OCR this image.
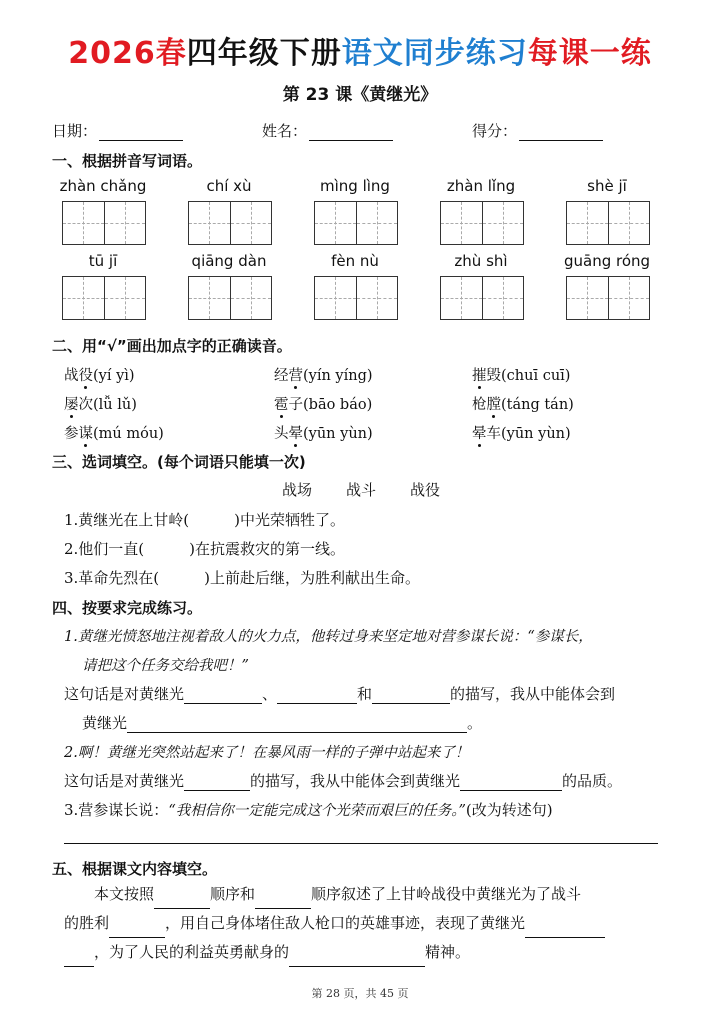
2026春四年级下册语文同步练习每课一练
第 23 课《黄继光》
日期：	姓名：	得分：
一、根据拼音写词语。
zhàn chǎng	chí xù	mìng lìng	zhàn lǐng	shè jī
tū jī	qiāng dàn	fèn nù	zhù shì	guāng róng
二、用“√”画出加点字的正确读音。
战役(yí yì)	经营(yín yíng)	摧毁(chuī cuī)
屡次(lǚ lǔ)	雹子(bāo báo)	枪膛(táng tán)
参谋(mú móu)	头晕(yūn yùn)	晕车(yūn yùn)
三、选词填空。(每个词语只能填一次)
战场 战斗 战役
1.黄继光在上甘岭(　　　)中光荣牺牲了。
2.他们一直(　　　)在抗震救灾的第一线。
3.革命先烈在(　　　)上前赴后继，为胜利献出生命。
四、按要求完成练习。
1.黄继光愤怒地注视着敌人的火力点，他转过身来坚定地对营参谋长说：“参谋长，
请把这个任务交给我吧！”
这句话是对黄继光	、	和	的描写，我从中能体会到
黄继光	。
2.啊！黄继光突然站起来了！在暴风雨一样的子弹中站起来了！
这句话是对黄继光	的描写，我从中能体会到黄继光	的品质。
3.营参谋长说：“我相信你一定能完成这个光荣而艰巨的任务。”(改为转述句)
五、根据课文内容填空。
本文按照	顺序和	顺序叙述了上甘岭战役中黄继光为了战斗
的胜利	，用自己身体堵住敌人枪口的英雄事迹，表现了黄继光
，为了人民的利益英勇献身的	精神。
第 28 页，共 45 页
